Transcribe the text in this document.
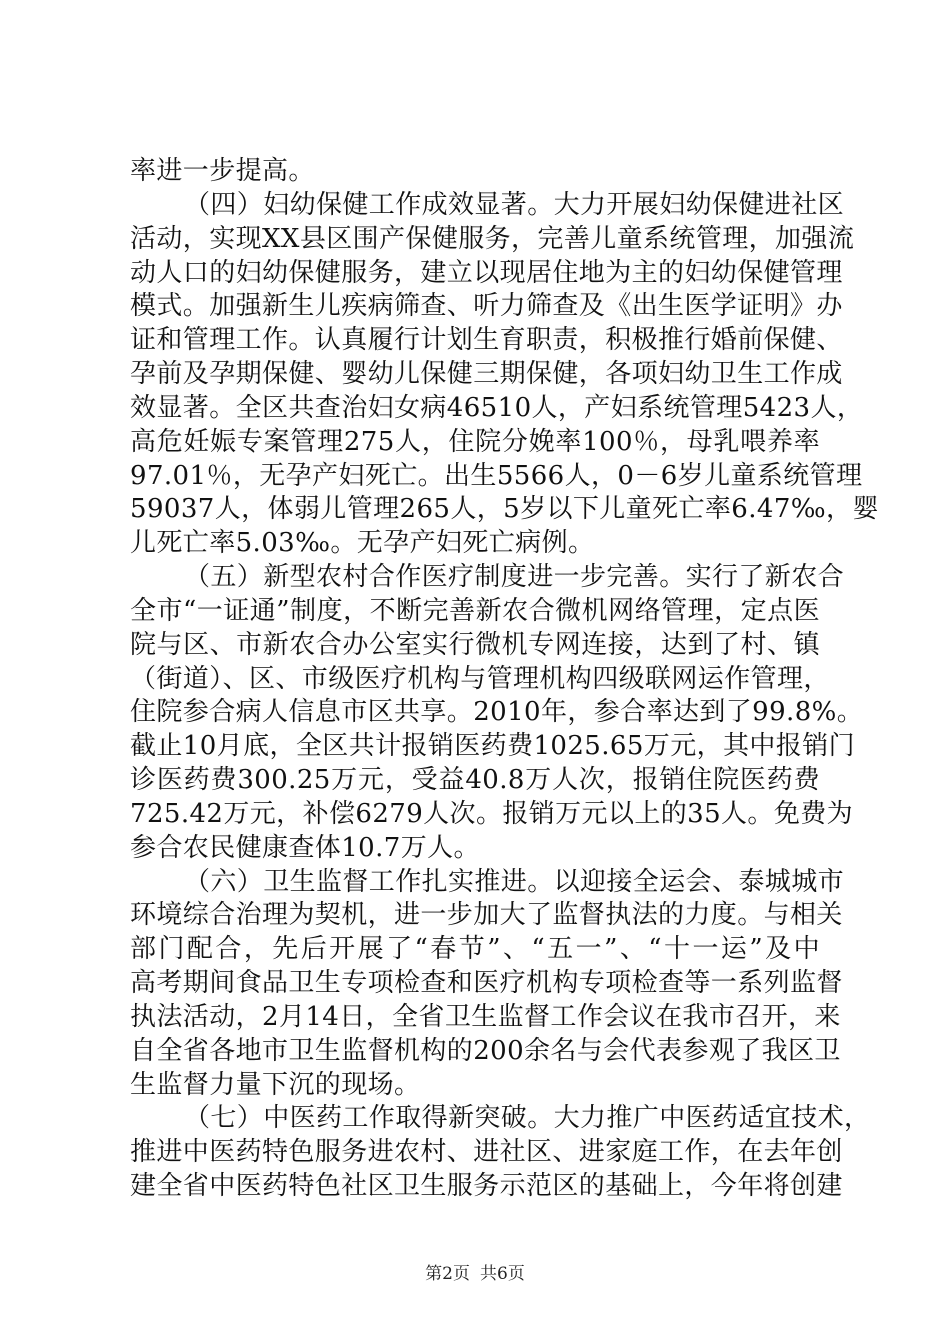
率进一步提高。
（四）妇幼保健工作成效显著。大力开展妇幼保健进社区
活动，实现XX县区围产保健服务，完善儿童系统管理，加强流
动人口的妇幼保健服务，建立以现居住地为主的妇幼保健管理
模式。加强新生儿疾病筛查、听力筛查及《出生医学证明》办
证和管理工作。认真履行计划生育职责，积极推行婚前保健、
孕前及孕期保健、婴幼儿保健三期保健，各项妇幼卫生工作成
效显著。全区共查治妇女病46510人，产妇系统管理5423人，
高危妊娠专案管理275人，住院分娩率100％，母乳喂养率
97.01％，无孕产妇死亡。出生5566人，0－6岁儿童系统管理
59037人，体弱儿管理265人，5岁以下儿童死亡率6.47‰，婴
儿死亡率5.03‰。无孕产妇死亡病例。
（五）新型农村合作医疗制度进一步完善。实行了新农合
全市“一证通”制度，不断完善新农合微机网络管理，定点医
院与区、市新农合办公室实行微机专网连接，达到了村、镇
（街道）、区、市级医疗机构与管理机构四级联网运作管理，
住院参合病人信息市区共享。2010年，参合率达到了99.8%。
截止10月底，全区共计报销医药费1025.65万元，其中报销门
诊医药费300.25万元，受益40.8万人次，报销住院医药费
725.42万元，补偿6279人次。报销万元以上的35人。免费为
参合农民健康查体10.7万人。
（六）卫生监督工作扎实推进。以迎接全运会、泰城城市
环境综合治理为契机，进一步加大了监督执法的力度。与相关
部门配合，先后开展了“春节”、“五一”、“十一运”及中
高考期间食品卫生专项检查和医疗机构专项检查等一系列监督
执法活动，2月14日，全省卫生监督工作会议在我市召开，来
自全省各地市卫生监督机构的200余名与会代表参观了我区卫
生监督力量下沉的现场。
（七）中医药工作取得新突破。大力推广中医药适宜技术，
推进中医药特色服务进农村、进社区、进家庭工作，在去年创
建全省中医药特色社区卫生服务示范区的基础上，今年将创建
第2页 共6页
